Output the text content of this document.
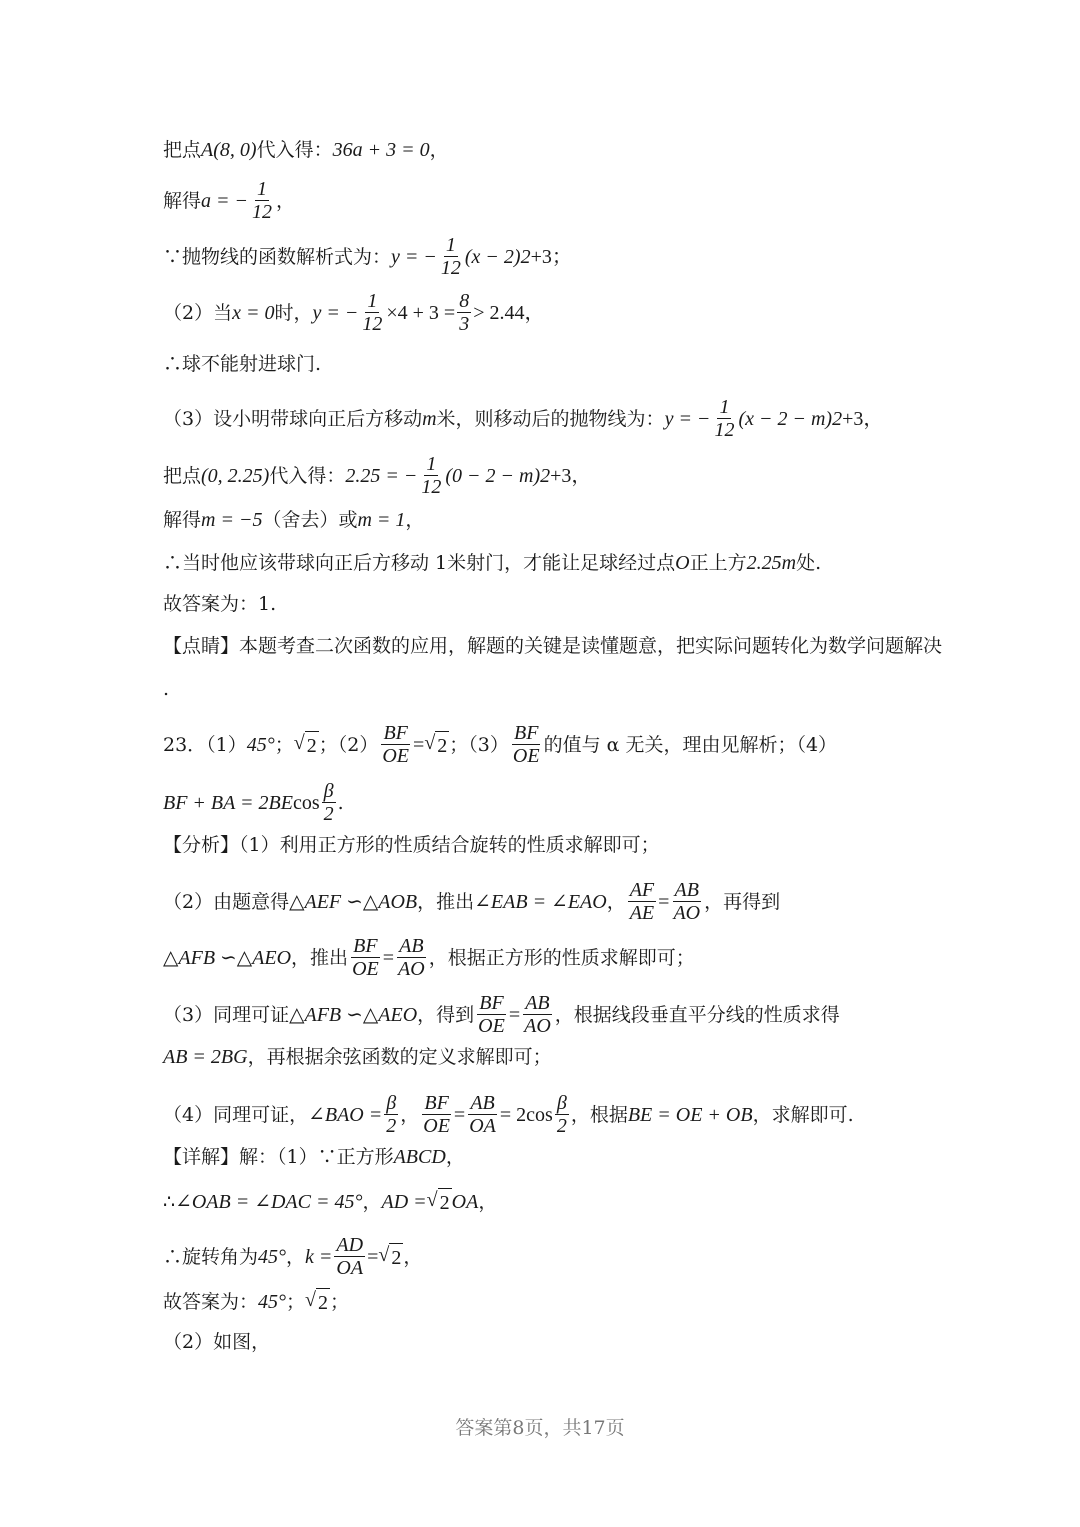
把点 A(8, 0) 代入得： 36a + 3 = 0 ，
解得 a = − $\frac{1}{12}$ ，
∵抛物线的函数解析式为： y = − $\frac{1}{12} (x - 2)$ 2 +3；
（2）当 x = 0 时， y = − $\frac{1}{12} \times 4 + 3 = \frac{8}{3} > 2.44$，
∴球不能射进球门.
（3）设小明带球向正后方移动 m 米，则移动后的抛物线为： y = − $\frac{1}{12} (x - 2 - m)$ 2 +3，
把点 (0, 2.25) 代入得： 2.25 = − $\frac{1}{12} (0 - 2 - m)$ 2 +3，
解得 m = −5 （舍去）或 m = 1 ，
∴当时他应该带球向正后方移动 1米射门，才能让足球经过点 O 正上方 2.25m 处.
故答案为：1.
【点睛】本题考查二次函数的应用，解题的关键是读懂题意，把实际问题转化为数学问题解决
.
23．（1） 45° ； √ 2 ；$(2) \frac{BF}{OE}$ = √ 2 ；$(3) \frac{BF}{OE}$ 的值与 α 无关，理由见解析；（4）
BF + BA = 2BE $\cos \frac{\beta}{2}$ .
【分析】（1）利用正方形的性质结合旋转的性质求解即可；
（2）由题意得 △AEF ∽△AOB ，推出 ∠EAB = ∠EAO ， $\frac{AF}{AE} = \frac{AB}{AO}$ ，再得到
△AFB ∽△AEO ，推出 $\frac{BF}{OE} = \frac{AB}{AO}$ ，根据正方形的性质求解即可；
（3）同理可证 △AFB ∽△AEO ，得到 $\frac{BF}{OE} = \frac{AB}{AO}$ ，根据线段垂直平分线的性质求得
AB = 2BG ，再根据余弦函数的定义求解即可；
（4）同理可证， ∠BAO = $\frac{\beta}{2}$ ， $\frac{BF}{OE} = \frac{AB}{OA} = 2\cos \frac{\beta}{2}$ ，根据 BE = OE + OB ，求解即可.
【详解】解：（1）∵正方形 ABCD ，
∴ ∠OAB = ∠DAC = 45° ， AD = √ 2 OA ，
∴旋转角为 45° ， $k = \frac{AD}{OA}$ = √ 2 ，
故答案为： 45° ； √ 2 ；
（2）如图，
答案第8页，共17页
